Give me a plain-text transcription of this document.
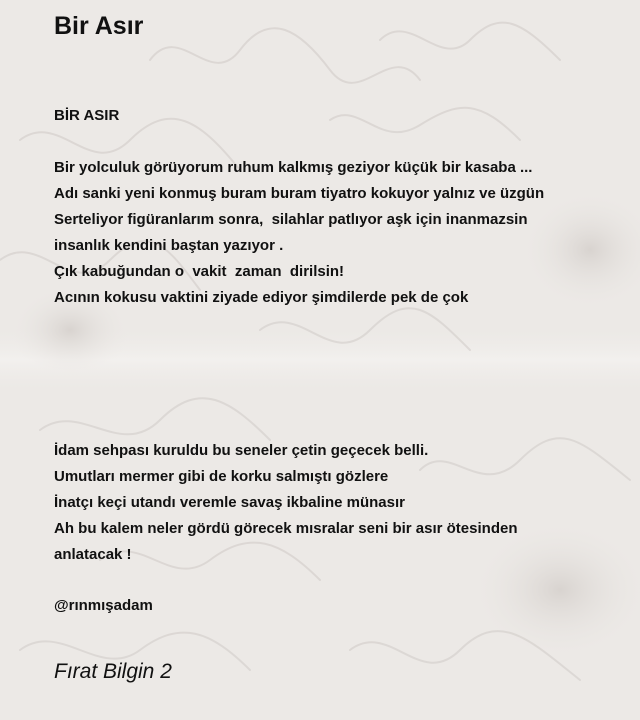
Bir Asır

BİR ASIR

Bir yolculuk görüyorum ruhum kalkmış geziyor küçük bir kasaba ...
Adı sanki yeni konmuş buram buram tiyatro kokuyor yalnız ve üzgün
Serteliyor figüranlarım sonra,  silahlar patlıyor aşk için inanmazsin
insanlık kendini baştan yazıyor .
Çık kabuğundan o  vakit  zaman  dirilsin!
Acının kokusu vaktini ziyade ediyor şimdilerde pek de çok
İdam sehpası kuruldu bu seneler çetin geçecek belli.
Umutları mermer gibi de korku salmıştı gözlere
İnatçı keçi utandı veremle savaş ikbaline münasır
Ah bu kalem neler gördü görecek mısralar seni bir asır ötesinden
anlatacak !

@rınmışadam

Fırat Bilgin 2
